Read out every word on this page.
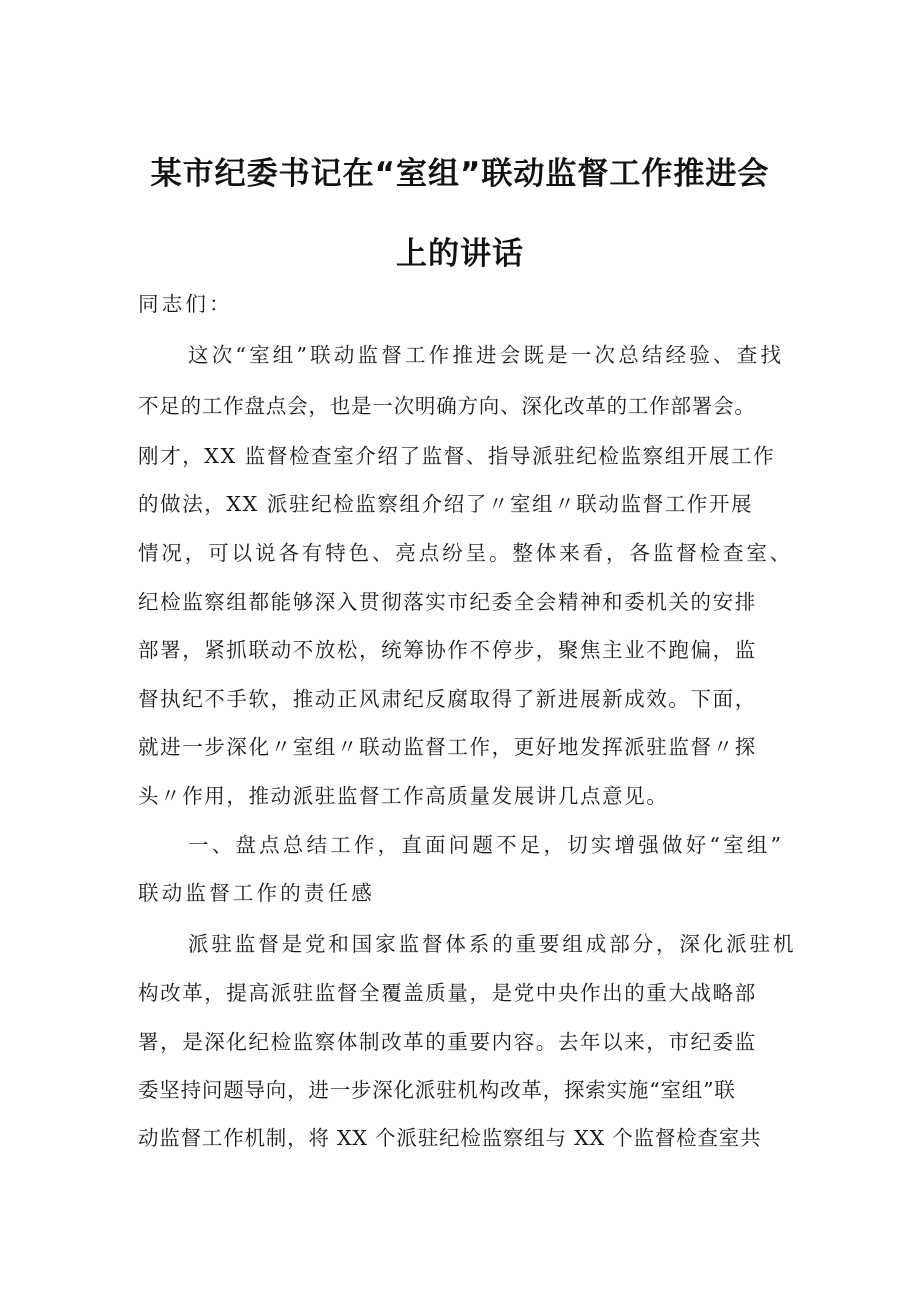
某市纪委书记在“室组”联动监督工作推进会
上的讲话
同志们：
这次“室组”联动监督工作推进会既是一次总结经验、查找
不足的工作盘点会，也是一次明确方向、深化改革的工作部署会。
刚才，XX 监督检查室介绍了监督、指导派驻纪检监察组开展工作
的做法，XX 派驻纪检监察组介绍了〃室组〃联动监督工作开展
情况，可以说各有特色、亮点纷呈。整体来看，各监督检查室、
纪检监察组都能够深入贯彻落实市纪委全会精神和委机关的安排
部署，紧抓联动不放松，统筹协作不停步，聚焦主业不跑偏，监
督执纪不手软，推动正风肃纪反腐取得了新进展新成效。下面，
就进一步深化〃室组〃联动监督工作，更好地发挥派驻监督〃探
头〃作用，推动派驻监督工作高质量发展讲几点意见。
一、盘点总结工作，直面问题不足，切实增强做好“室组”
联动监督工作的责任感
派驻监督是党和国家监督体系的重要组成部分，深化派驻机
构改革，提高派驻监督全覆盖质量，是党中央作出的重大战略部
署，是深化纪检监察体制改革的重要内容。去年以来，市纪委监
委坚持问题导向，进一步深化派驻机构改革，探索实施“室组”联
动监督工作机制，将 XX 个派驻纪检监察组与 XX 个监督检查室共
